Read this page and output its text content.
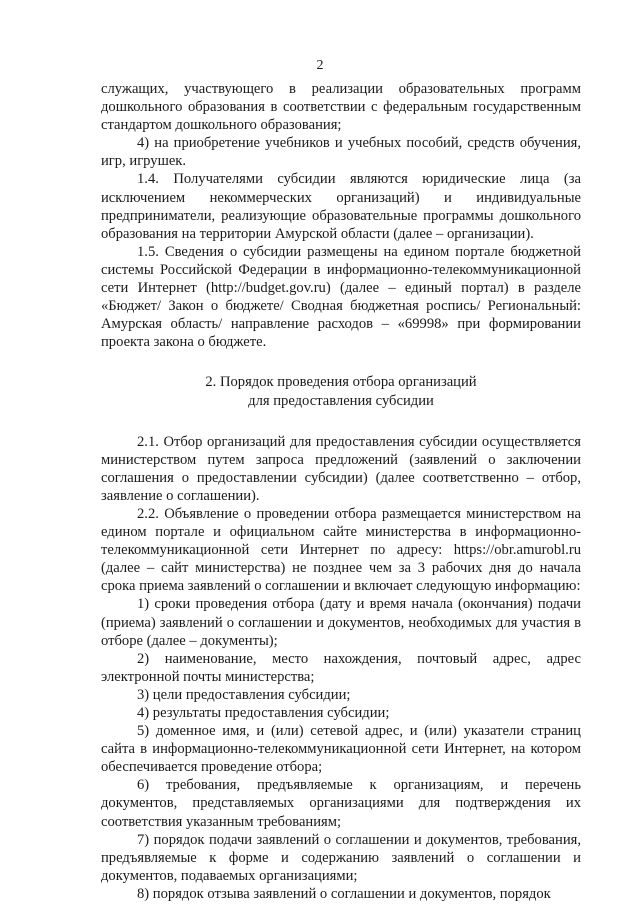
2

служащих, участвующего в реализации образовательных программ дошкольного образования в соответствии с федеральным государственным стандартом дошкольного образования;

4) на приобретение учебников и учебных пособий, средств обучения, игр, игрушек.

1.4. Получателями субсидии являются юридические лица (за исключением некоммерческих организаций) и индивидуальные предприниматели, реализующие образовательные программы дошкольного образования на территории Амурской области (далее – организации).

1.5. Сведения о субсидии размещены на едином портале бюджетной системы Российской Федерации в информационно-телекоммуникационной сети Интернет (http://budget.gov.ru) (далее – единый портал) в разделе «Бюджет/ Закон о бюджете/ Сводная бюджетная роспись/ Региональный: Амурская область/ направление расходов – «69998» при формировании проекта закона о бюджете.

2. Порядок проведения отбора организаций
для предоставления субсидии

2.1. Отбор организаций для предоставления субсидии осуществляется министерством путем запроса предложений (заявлений о заключении соглашения о предоставлении субсидии) (далее соответственно – отбор, заявление о соглашении).

2.2. Объявление о проведении отбора размещается министерством на едином портале и официальном сайте министерства в информационно-телекоммуникационной сети Интернет по адресу: https://obr.amurobl.ru (далее – сайт министерства) не позднее чем за 3 рабочих дня до начала срока приема заявлений о соглашении и включает следующую информацию:

1) сроки проведения отбора (дату и время начала (окончания) подачи (приема) заявлений о соглашении и документов, необходимых для участия в отборе (далее – документы);

2) наименование, место нахождения, почтовый адрес, адрес электронной почты министерства;

3) цели предоставления субсидии;

4) результаты предоставления субсидии;

5) доменное имя, и (или) сетевой адрес, и (или) указатели страниц сайта в информационно-телекоммуникационной сети Интернет, на котором обеспечивается проведение отбора;

6) требования, предъявляемые к организациям, и перечень документов, представляемых организациями для подтверждения их соответствия указанным требованиям;

7) порядок подачи заявлений о соглашении и документов, требования, предъявляемые к форме и содержанию заявлений о соглашении и документов, подаваемых организациями;

8) порядок отзыва заявлений о соглашении и документов, порядок
